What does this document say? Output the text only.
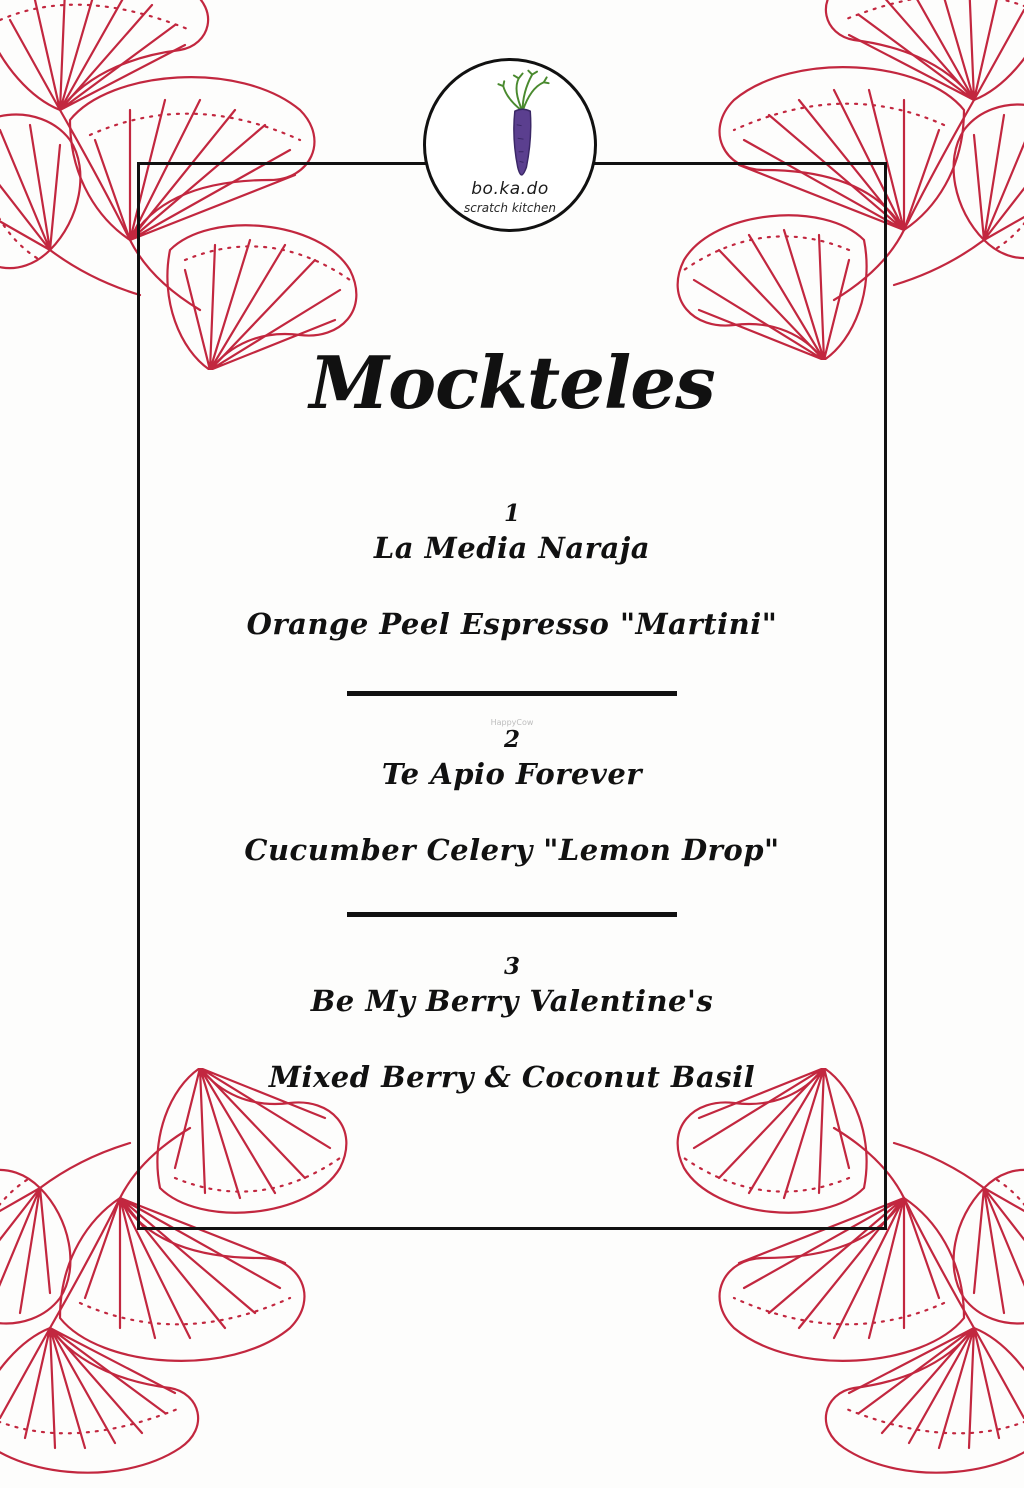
bo.ka.do
scratch kitchen
Mockteles
1
La Media Naraja
Orange Peel Espresso "Martini"
HappyCow
2
Te Apio Forever
Cucumber Celery "Lemon Drop"
3
Be My Berry Valentine's
Mixed Berry & Coconut Basil
